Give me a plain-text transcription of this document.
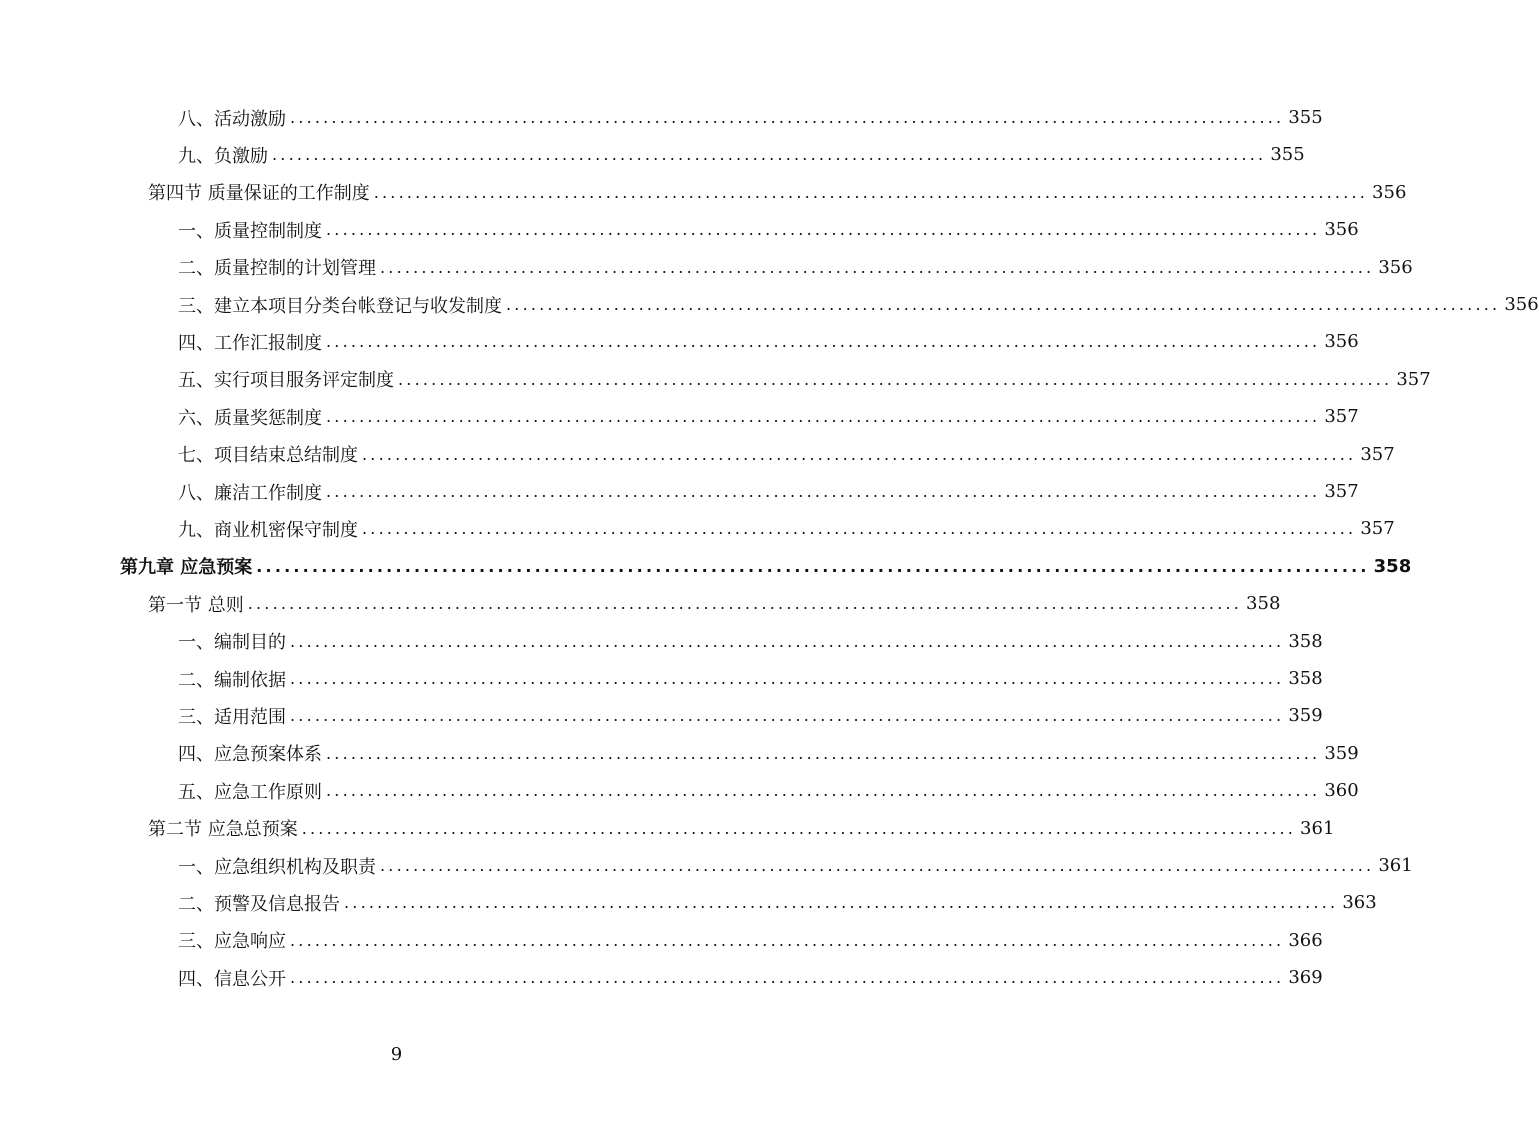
八、活动激励 ........................................................................................................................ 355
九、负激励 ........................................................................................................................ 355
第四节 质量保证的工作制度 ........................................................................................................................ 356
一、质量控制制度 ........................................................................................................................ 356
二、质量控制的计划管理 ........................................................................................................................ 356
三、建立本项目分类台帐登记与收发制度 ........................................................................................................................ 356
四、工作汇报制度 ........................................................................................................................ 356
五、实行项目服务评定制度 ........................................................................................................................ 357
六、质量奖惩制度 ........................................................................................................................ 357
七、项目结束总结制度 ........................................................................................................................ 357
八、廉洁工作制度 ........................................................................................................................ 357
九、商业机密保守制度 ........................................................................................................................ 357
第九章 应急预案 ........................................................................................................................ 358
第一节 总则 ........................................................................................................................ 358
一、编制目的 ........................................................................................................................ 358
二、编制依据 ........................................................................................................................ 358
三、适用范围 ........................................................................................................................ 359
四、应急预案体系 ........................................................................................................................ 359
五、应急工作原则 ........................................................................................................................ 360
第二节 应急总预案 ........................................................................................................................ 361
一、应急组织机构及职责 ........................................................................................................................ 361
二、预警及信息报告 ........................................................................................................................ 363
三、应急响应 ........................................................................................................................ 366
四、信息公开 ........................................................................................................................ 369
9
